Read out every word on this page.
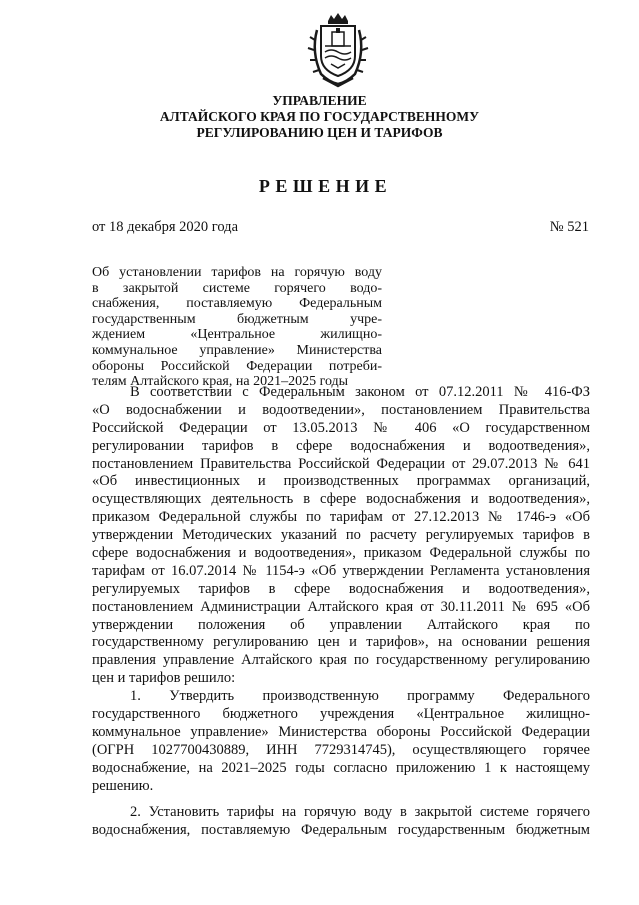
УПРАВЛЕНИЕ
АЛТАЙСКОГО КРАЯ ПО ГОСУДАРСТВЕННОМУ
РЕГУЛИРОВАНИЮ ЦЕН И ТАРИФОВ
РЕШЕНИЕ
от 18 декабря 2020 года	№ 521
Об установлении тарифов на горячую воду
в закрытой системе горячего водо-
снабжения, поставляемую Федеральным
государственным бюджетным учре-
ждением «Центральное жилищно-
коммунальное управление» Министерства
обороны Российской Федерации потреби-
телям Алтайского края, на 2021–2025 годы
В соответствии с Федеральным законом от 07.12.2011 № 416-ФЗ
«О водоснабжении и водоотведении», постановлением Правительства
Российской Федерации от 13.05.2013 № 406 «О государственном
регулировании тарифов в сфере водоснабжения и водоотведения»,
постановлением Правительства Российской Федерации от 29.07.2013 № 641
«Об инвестиционных и производственных программах организаций,
осуществляющих деятельность в сфере водоснабжения и водоотведения»,
приказом Федеральной службы по тарифам от 27.12.2013 № 1746-э «Об
утверждении Методических указаний по расчету регулируемых тарифов в
сфере водоснабжения и водоотведения», приказом Федеральной службы по
тарифам от 16.07.2014 № 1154-э «Об утверждении Регламента установления
регулируемых тарифов в сфере водоснабжения и водоотведения»,
постановлением Администрации Алтайского края от 30.11.2011 № 695 «Об
утверждении положения об управлении Алтайского края по
государственному регулированию цен и тарифов», на основании решения
правления управление Алтайского края по государственному регулированию
цен и тарифов решило:
1. Утвердить производственную программу Федерального
государственного бюджетного учреждения «Центральное жилищно-
коммунальное управление» Министерства обороны Российской Федерации
(ОГРН 1027700430889, ИНН 7729314745), осуществляющего горячее
водоснабжение, на 2021–2025 годы согласно приложению 1 к настоящему
решению.
2. Установить тарифы на горячую воду в закрытой системе горячего
водоснабжения, поставляемую Федеральным государственным бюджетным
